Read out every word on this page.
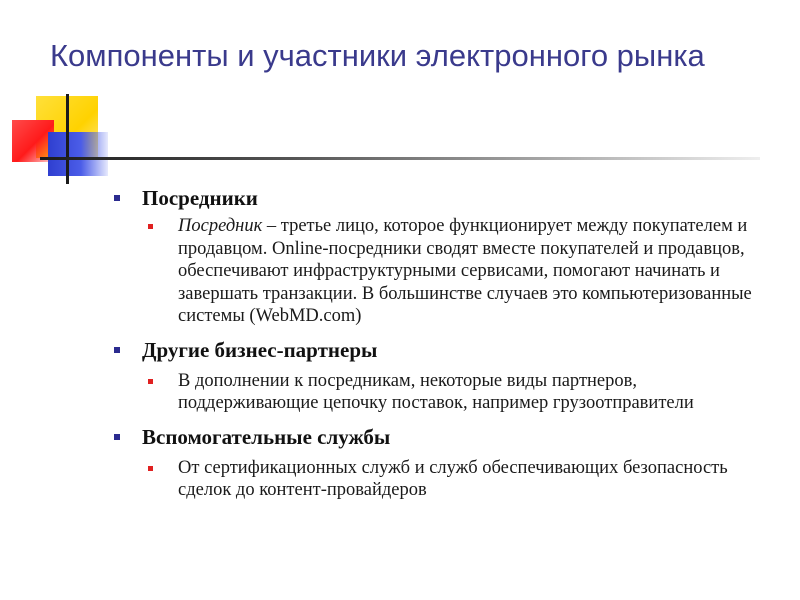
Компоненты и участники электронного рынка

Посредники

Посредник – третье лицо, которое функционирует между покупателем и продавцом. Online-посредники сводят вместе покупателей и продавцов, обеспечивают инфраструктурными сервисами, помогают начинать и завершать транзакции. В большинстве случаев это компьютеризованные системы (WebMD.com)

Другие бизнес-партнеры

В дополнении к посредникам, некоторые виды партнеров, поддерживающие цепочку поставок, например грузоотправители

Вспомогательные службы

От сертификационных служб и служб обеспечивающих безопасность сделок до контент-провайдеров
